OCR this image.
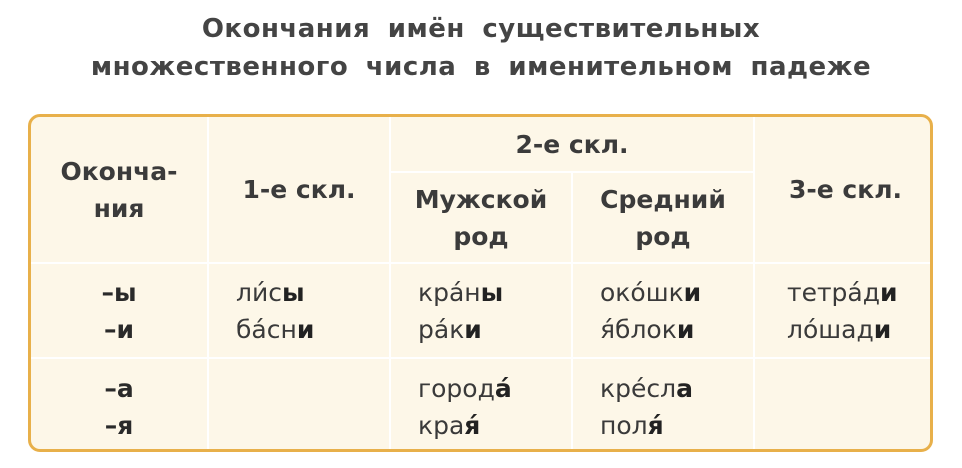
Окончания имён существительных
множественного числа в именительном падеже
Оконча-
ния
1-е скл.
2-е скл.
Мужской
род
Средний
род
3-е скл.
–ы
–и
ли́сы
ба́сни
кра́ны
ра́ки
око́шки
я́блоки
тетра́ди
ло́шади
–а
–я
города́
края́
кре́сла
поля́
